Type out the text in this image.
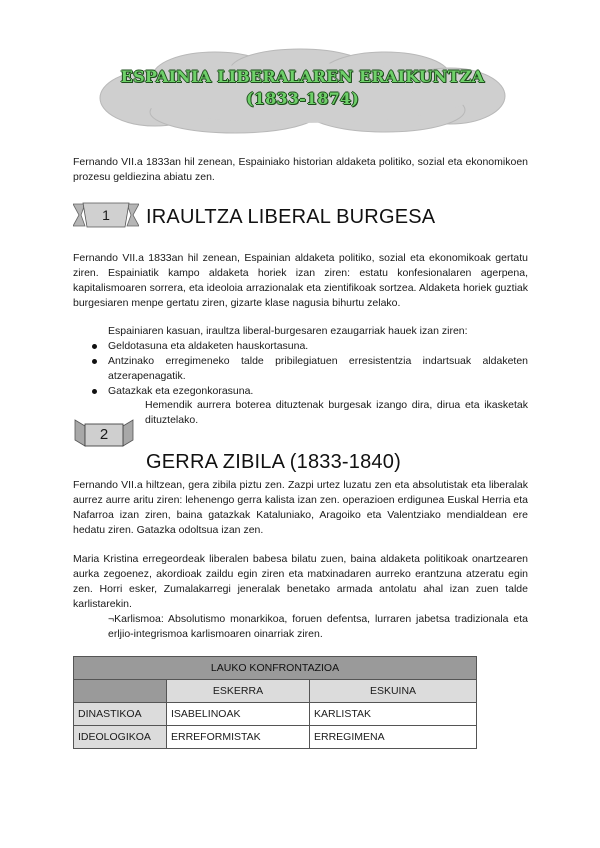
ESPAINIA LIBERALAREN ERAIKUNTZA
(1833-1874)

Fernando VII.a 1833an hil zenean, Espainiako historian aldaketa politiko, sozial eta ekonomikoen prozesu geldiezina abiatu zen.

1	IRAULTZA LIBERAL BURGESA

Fernando VII.a 1833an hil zenean, Espainian aldaketa politiko, sozial eta ekonomikoak gertatu ziren. Espainiatik kampo aldaketa horiek izan ziren: estatu konfesionalaren agerpena, kapitalismoaren sorrera, eta ideoloia arrazionalak eta zientifikoak sortzea. Aldaketa horiek guztiak burgesiaren menpe gertatu ziren, gizarte klase nagusia bihurtu zelako.

Espainiaren kasuan, iraultza liberal-burgesaren ezaugarriak hauek izan ziren:

Geldotasuna eta aldaketen hauskortasuna.
Antzinako erregimeneko talde pribilegiatuen erresistentzia indartsuak aldaketen atzerapenagatik.
Gatazkak eta ezegonkorasuna.

Hemendik aurrera boterea dituztenak burgesak izango dira, dirua eta ikasketak dituztelako.

2
GERRA ZIBILA (1833-1840)

Fernando VII.a hiltzean, gera zibila piztu zen. Zazpi urtez luzatu zen eta absolutistak eta liberalak aurrez aurre aritu ziren: lehenengo gerra kalista izan zen. operazioen erdigunea Euskal Herria eta Nafarroa izan ziren, baina gatazkak Kataluniako, Aragoiko eta Valentziako mendialdean ere hedatu ziren. Gatazka odoltsua izan zen.

Maria Kristina erregeordeak liberalen babesa bilatu zuen, baina aldaketa politikoak onartzearen aurka zegoenez, akordioak zaildu egin ziren eta matxinadaren aurreko erantzuna atzeratu egin zen. Horri esker, Zumalakarregi jeneralak benetako armada antolatu ahal izan zuen talde karlistarekin.

¬Karlismoa: Absolutismo monarkikoa, foruen defentsa, lurraren jabetsa tradizionala eta erljio-integrismoa karlismoaren oinarriak ziren.

LAUKO KONFRONTAZIOA		
	ESKERRA	ESKUINA
DINASTIKOA	ISABELINOAK	KARLISTAK
IDEOLOGIKOA	ERREFORMISTAK	ERREGIMENA
